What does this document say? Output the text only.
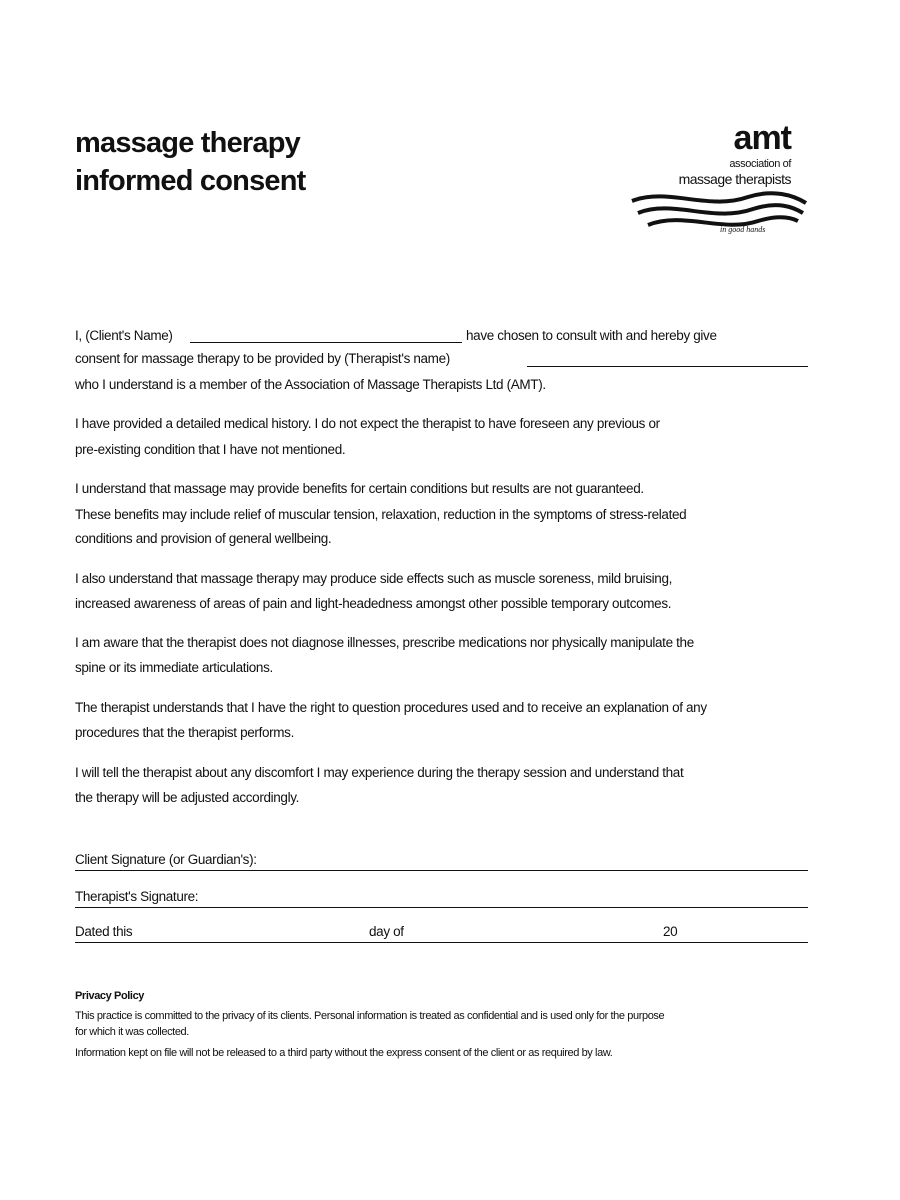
massage therapy
informed consent
amt
association of
massage therapists
in good hands
I, (Client's Name)	have chosen to consult with and hereby give
consent for massage therapy to be provided by (Therapist's name)
who I understand is a member of the Association of Massage Therapists Ltd (AMT).
I have provided a detailed medical history. I do not expect the therapist to have foreseen any previous or
pre-existing condition that I have not mentioned.
I understand that massage may provide benefits for certain conditions but results are not guaranteed.
These benefits may include relief of muscular tension, relaxation, reduction in the symptoms of stress-related
conditions and provision of general wellbeing.
I also understand that massage therapy may produce side effects such as muscle soreness, mild bruising,
increased awareness of areas of pain and light-headedness amongst other possible temporary outcomes.
I am aware that the therapist does not diagnose illnesses, prescribe medications nor physically manipulate the
spine or its immediate articulations.
The therapist understands that I have the right to question procedures used and to receive an explanation of any
procedures that the therapist performs.
I will tell the therapist about any discomfort I may experience during the therapy session and understand that
the therapy will be adjusted accordingly.
Client Signature (or Guardian's):
Therapist's Signature:
Dated this	day of	20
Privacy Policy
This practice is committed to the privacy of its clients. Personal information is treated as confidential and is used only for the purpose
for which it was collected.
Information kept on file will not be released to a third party without the express consent of the client or as required by law.
